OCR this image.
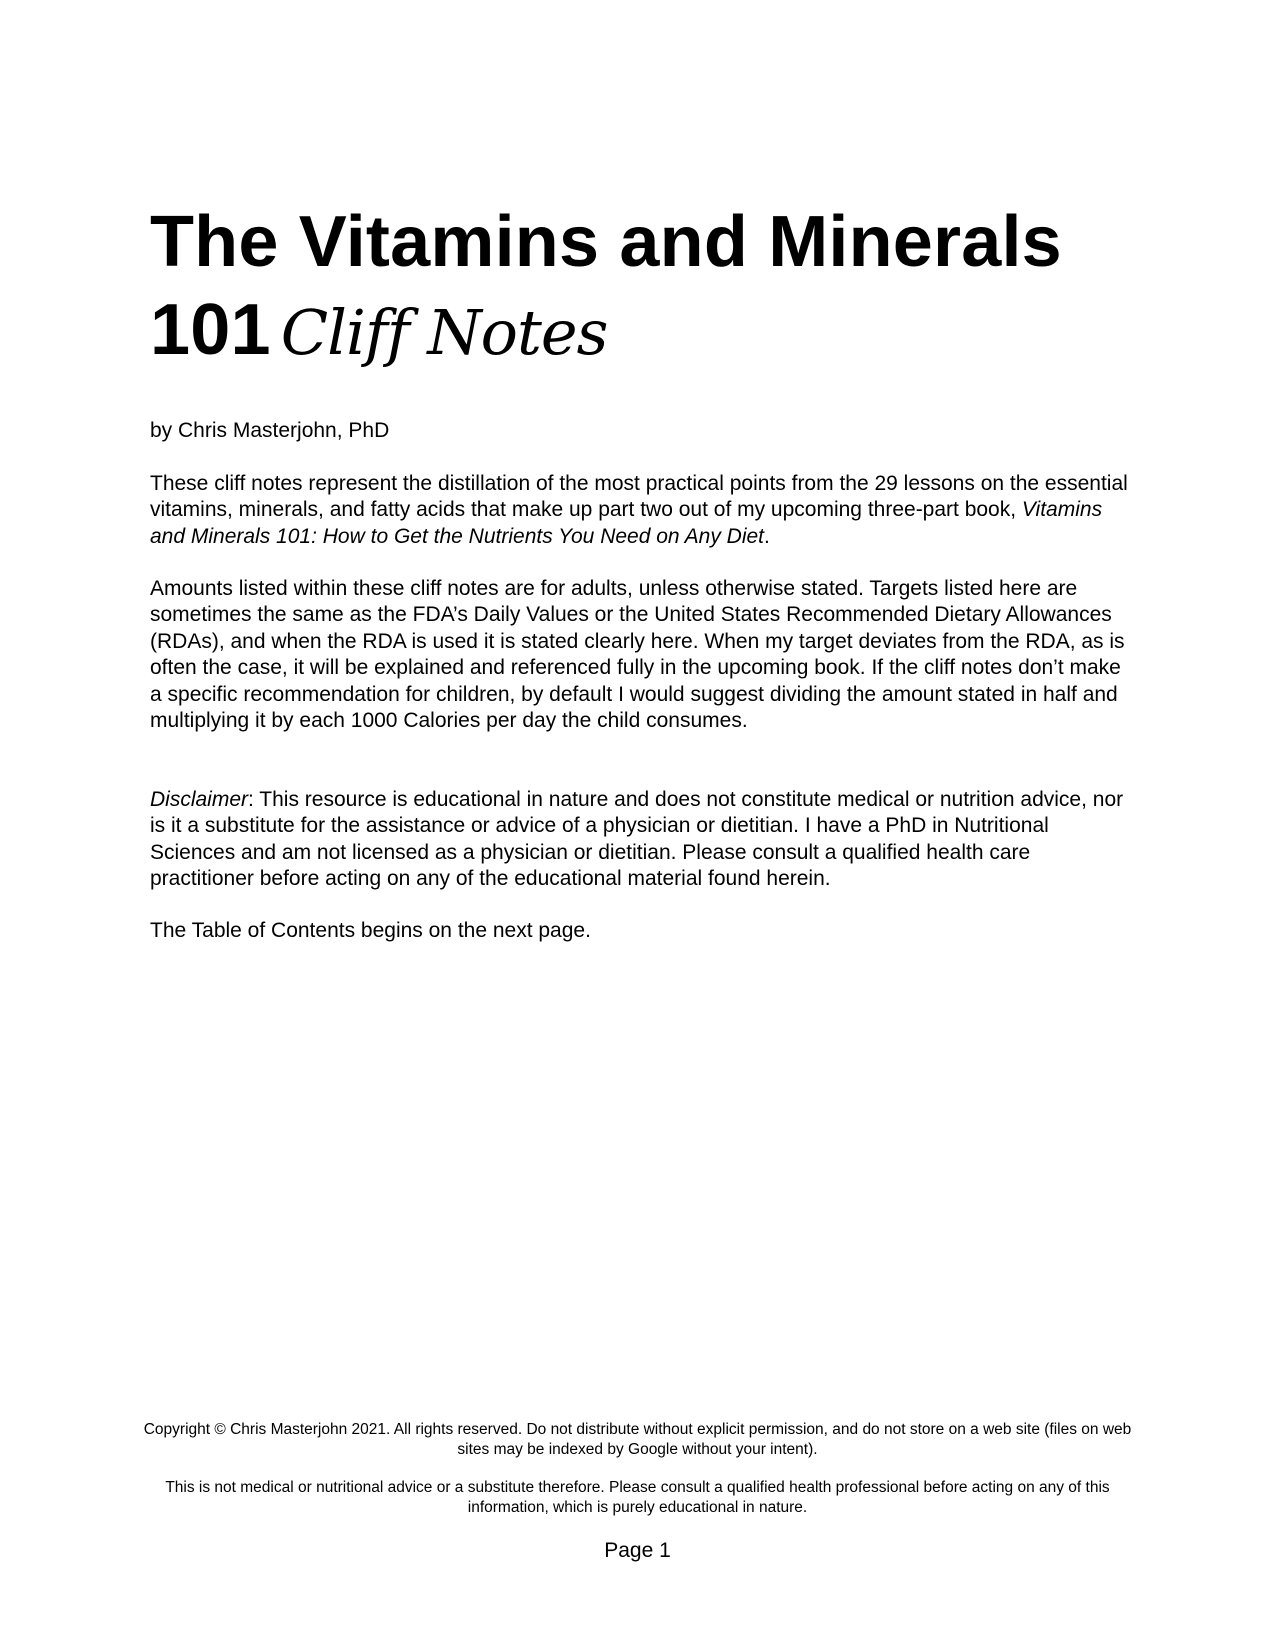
The Vitamins and Minerals
101 Cliff Notes

by Chris Masterjohn, PhD

These cliff notes represent the distillation of the most practical points from the 29 lessons on the essential vitamins, minerals, and fatty acids that make up part two out of my upcoming three-part book, Vitamins and Minerals 101: How to Get the Nutrients You Need on Any Diet.

Amounts listed within these cliff notes are for adults, unless otherwise stated. Targets listed here are sometimes the same as the FDA’s Daily Values or the United States Recommended Dietary Allowances (RDAs), and when the RDA is used it is stated clearly here. When my target deviates from the RDA, as is often the case, it will be explained and referenced fully in the upcoming book. If the cliff notes don’t make a specific recommendation for children, by default I would suggest dividing the amount stated in half and multiplying it by each 1000 Calories per day the child consumes.

Disclaimer: This resource is educational in nature and does not constitute medical or nutrition advice, nor is it a substitute for the assistance or advice of a physician or dietitian. I have a PhD in Nutritional Sciences and am not licensed as a physician or dietitian. Please consult a qualified health care practitioner before acting on any of the educational material found herein.

The Table of Contents begins on the next page.

Copyright © Chris Masterjohn 2021. All rights reserved. Do not distribute without explicit permission, and do not store on a web site (files on web sites may be indexed by Google without your intent).

This is not medical or nutritional advice or a substitute therefore. Please consult a qualified health professional before acting on any of this information, which is purely educational in nature.

Page 1
